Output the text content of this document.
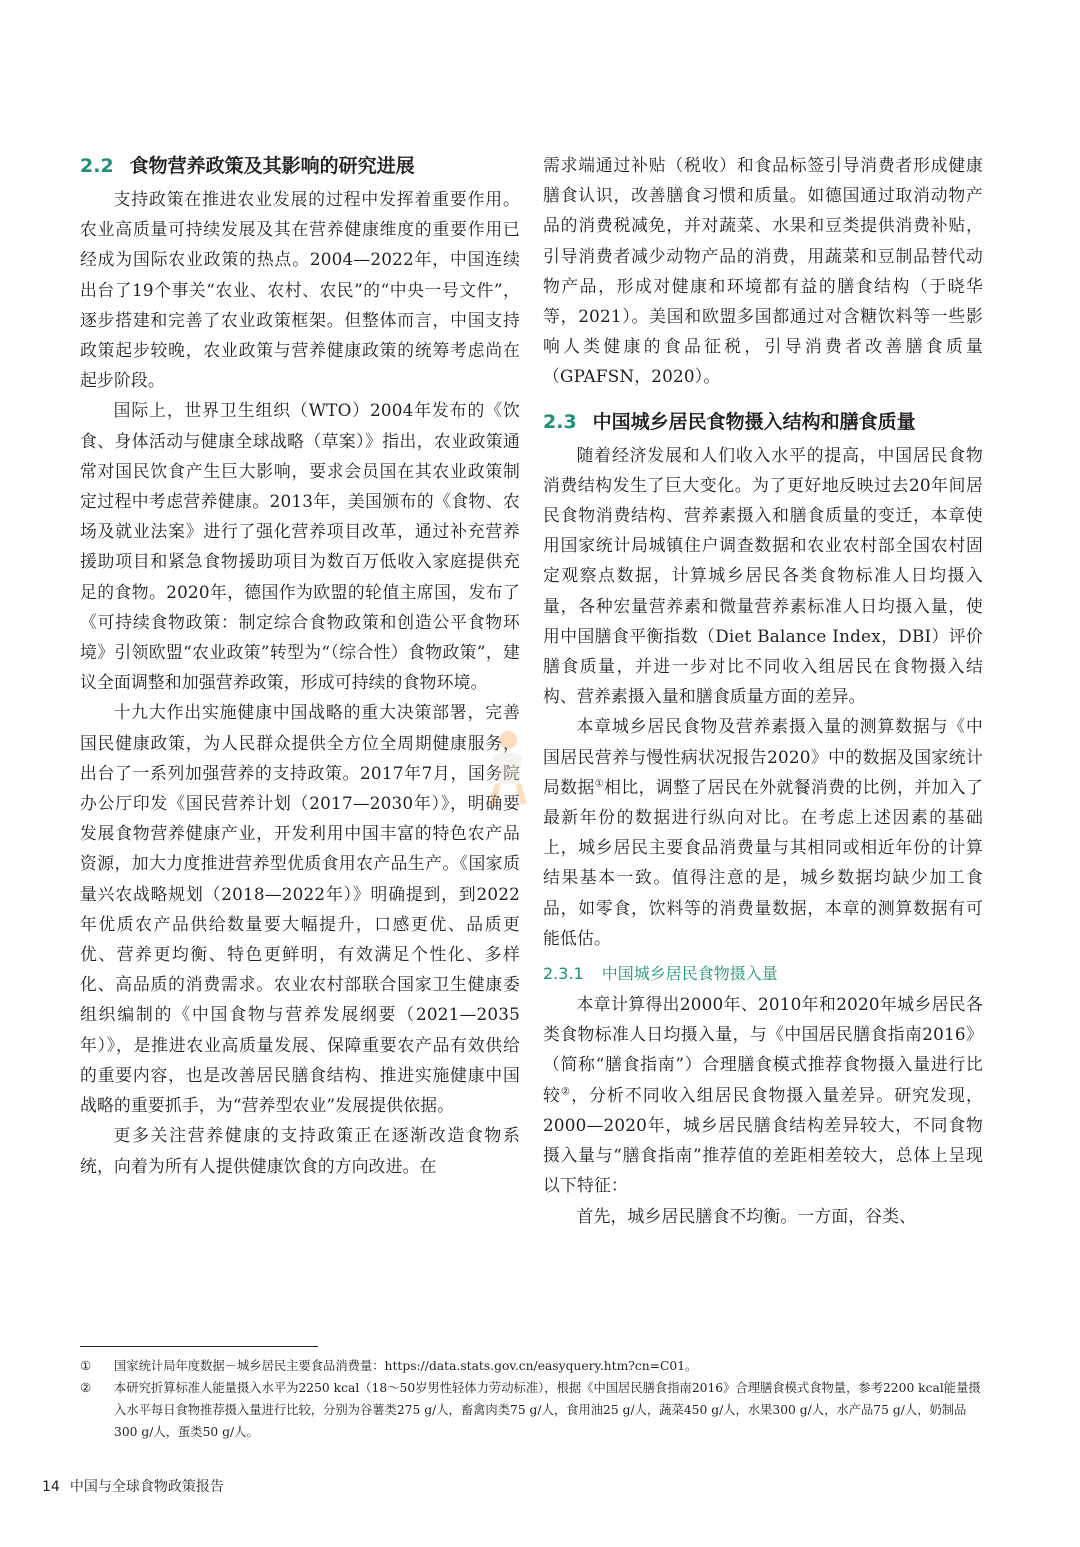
2.2 食物营养政策及其影响的研究进展

支持政策在推进农业发展的过程中发挥着重要作用。农业高质量可持续发展及其在营养健康维度的重要作用已经成为国际农业政策的热点。2004—2022年，中国连续出台了19个事关“农业、农村、农民”的“中央一号文件”，逐步搭建和完善了农业政策框架。但整体而言，中国支持政策起步较晚，农业政策与营养健康政策的统筹考虑尚在起步阶段。

国际上，世界卫生组织（WTO）2004年发布的《饮食、身体活动与健康全球战略（草案）》指出，农业政策通常对国民饮食产生巨大影响，要求会员国在其农业政策制定过程中考虑营养健康。2013年，美国颁布的《食物、农场及就业法案》进行了强化营养项目改革，通过补充营养援助项目和紧急食物援助项目为数百万低收入家庭提供充足的食物。2020年，德国作为欧盟的轮值主席国，发布了《可持续食物政策：制定综合食物政策和创造公平食物环境》引领欧盟“农业政策”转型为“（综合性）食物政策”，建议全面调整和加强营养政策，形成可持续的食物环境。

十九大作出实施健康中国战略的重大决策部署，完善国民健康政策，为人民群众提供全方位全周期健康服务，出台了一系列加强营养的支持政策。2017年7月，国务院办公厅印发《国民营养计划（2017—2030年）》，明确要发展食物营养健康产业，开发利用中国丰富的特色农产品资源，加大力度推进营养型优质食用农产品生产。《国家质量兴农战略规划（2018—2022年）》明确提到，到2022年优质农产品供给数量要大幅提升，口感更优、品质更优、营养更均衡、特色更鲜明，有效满足个性化、多样化、高品质的消费需求。农业农村部联合国家卫生健康委组织编制的《中国食物与营养发展纲要（2021—2035年）》，是推进农业高质量发展、保障重要农产品有效供给的重要内容，也是改善居民膳食结构、推进实施健康中国战略的重要抓手，为“营养型农业”发展提供依据。

更多关注营养健康的支持政策正在逐渐改造食物系统，向着为所有人提供健康饮食的方向改进。在

需求端通过补贴（税收）和食品标签引导消费者形成健康膳食认识，改善膳食习惯和质量。如德国通过取消动物产品的消费税减免，并对蔬菜、水果和豆类提供消费补贴，引导消费者减少动物产品的消费，用蔬菜和豆制品替代动物产品，形成对健康和环境都有益的膳食结构（于晓华等，2021）。美国和欧盟多国都通过对含糖饮料等一些影响人类健康的食品征税，引导消费者改善膳食质量（GPAFSN，2020）。

2.3 中国城乡居民食物摄入结构和膳食质量

随着经济发展和人们收入水平的提高，中国居民食物消费结构发生了巨大变化。为了更好地反映过去20年间居民食物消费结构、营养素摄入和膳食质量的变迁，本章使用国家统计局城镇住户调查数据和农业农村部全国农村固定观察点数据，计算城乡居民各类食物标准人日均摄入量，各种宏量营养素和微量营养素标准人日均摄入量，使用中国膳食平衡指数（Diet Balance Index，DBI）评价膳食质量，并进一步对比不同收入组居民在食物摄入结构、营养素摄入量和膳食质量方面的差异。

本章城乡居民食物及营养素摄入量的测算数据与《中国居民营养与慢性病状况报告2020》中的数据及国家统计局数据①相比，调整了居民在外就餐消费的比例，并加入了最新年份的数据进行纵向对比。在考虑上述因素的基础上，城乡居民主要食品消费量与其相同或相近年份的计算结果基本一致。值得注意的是，城乡数据均缺少加工食品，如零食，饮料等的消费量数据，本章的测算数据有可能低估。

2.3.1 中国城乡居民食物摄入量

本章计算得出2000年、2010年和2020年城乡居民各类食物标准人日均摄入量，与《中国居民膳食指南2016》（简称“膳食指南”）合理膳食模式推荐食物摄入量进行比较②，分析不同收入组居民食物摄入量差异。研究发现，2000—2020年，城乡居民膳食结构差异较大，不同食物摄入量与“膳食指南”推荐值的差距相差较大，总体上呈现以下特征：

首先，城乡居民膳食不均衡。一方面，谷类、

① 国家统计局年度数据－城乡居民主要食品消费量：https://data.stats.gov.cn/easyquery.htm?cn=C01。
② 本研究折算标准人能量摄入水平为2250 kcal（18～50岁男性轻体力劳动标准），根据《中国居民膳食指南2016》合理膳食模式食物量，参考2200 kcal能量摄入水平每日食物推荐摄入量进行比较，分别为谷薯类275 g/人，畜禽肉类75 g/人，食用油25 g/人，蔬菜450 g/人，水果300 g/人，水产品75 g/人，奶制品300 g/人，蛋类50 g/人。
14 中国与全球食物政策报告
